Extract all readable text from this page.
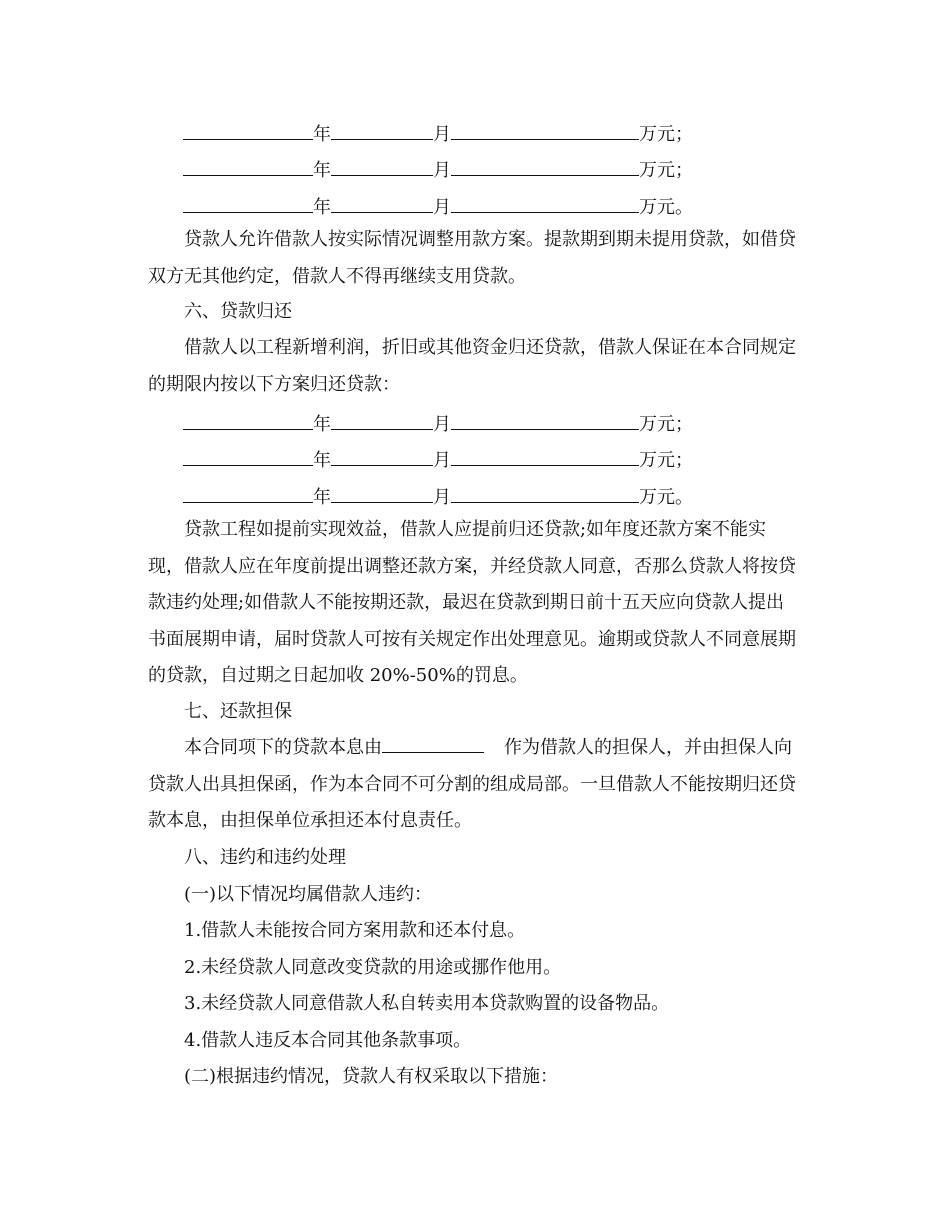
年	月	万元；
年	月	万元；
年	月	万元。
贷款人允许借款人按实际情况调整用款方案。提款期到期未提用贷款，如借贷双方无其他约定，借款人不得再继续支用贷款。
六、贷款归还
借款人以工程新增利润，折旧或其他资金归还贷款，借款人保证在本合同规定的期限内按以下方案归还贷款：
年	月	万元；
年	月	万元；
年	月	万元。
贷款工程如提前实现效益，借款人应提前归还贷款;如年度还款方案不能实现，借款人应在年度前提出调整还款方案，并经贷款人同意，否那么贷款人将按贷款违约处理;如借款人不能按期还款，最迟在贷款到期日前十五天应向贷款人提出书面展期申请，届时贷款人可按有关规定作出处理意见。逾期或贷款人不同意展期的贷款，自过期之日起加收 20%-50%的罚息。
七、还款担保
本合同项下的贷款本息由	作为借款人的担保人，并由担保人向贷款人出具担保函，作为本合同不可分割的组成局部。一旦借款人不能按期归还贷款本息，由担保单位承担还本付息责任。
八、违约和违约处理
(一)以下情况均属借款人违约：
1.借款人未能按合同方案用款和还本付息。
2.未经贷款人同意改变贷款的用途或挪作他用。
3.未经贷款人同意借款人私自转卖用本贷款购置的设备物品。
4.借款人违反本合同其他条款事项。
(二)根据违约情况，贷款人有权采取以下措施：
